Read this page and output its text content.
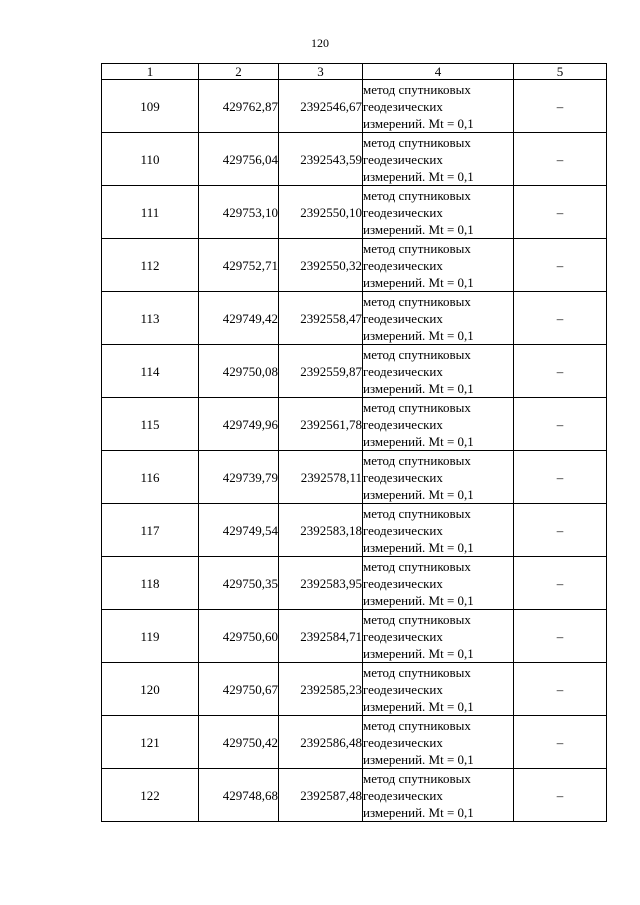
120
1	2	3	4	5
109	429762,87	2392546,67	метод спутниковых
геодезических
измерений. Mt = 0,1	–
110	429756,04	2392543,59	метод спутниковых
геодезических
измерений. Mt = 0,1	–
111	429753,10	2392550,10	метод спутниковых
геодезических
измерений. Mt = 0,1	–
112	429752,71	2392550,32	метод спутниковых
геодезических
измерений. Mt = 0,1	–
113	429749,42	2392558,47	метод спутниковых
геодезических
измерений. Mt = 0,1	–
114	429750,08	2392559,87	метод спутниковых
геодезических
измерений. Mt = 0,1	–
115	429749,96	2392561,78	метод спутниковых
геодезических
измерений. Mt = 0,1	–
116	429739,79	2392578,11	метод спутниковых
геодезических
измерений. Mt = 0,1	–
117	429749,54	2392583,18	метод спутниковых
геодезических
измерений. Mt = 0,1	–
118	429750,35	2392583,95	метод спутниковых
геодезических
измерений. Mt = 0,1	–
119	429750,60	2392584,71	метод спутниковых
геодезических
измерений. Mt = 0,1	–
120	429750,67	2392585,23	метод спутниковых
геодезических
измерений. Mt = 0,1	–
121	429750,42	2392586,48	метод спутниковых
геодезических
измерений. Mt = 0,1	–
122	429748,68	2392587,48	метод спутниковых
геодезических
измерений. Mt = 0,1	–
